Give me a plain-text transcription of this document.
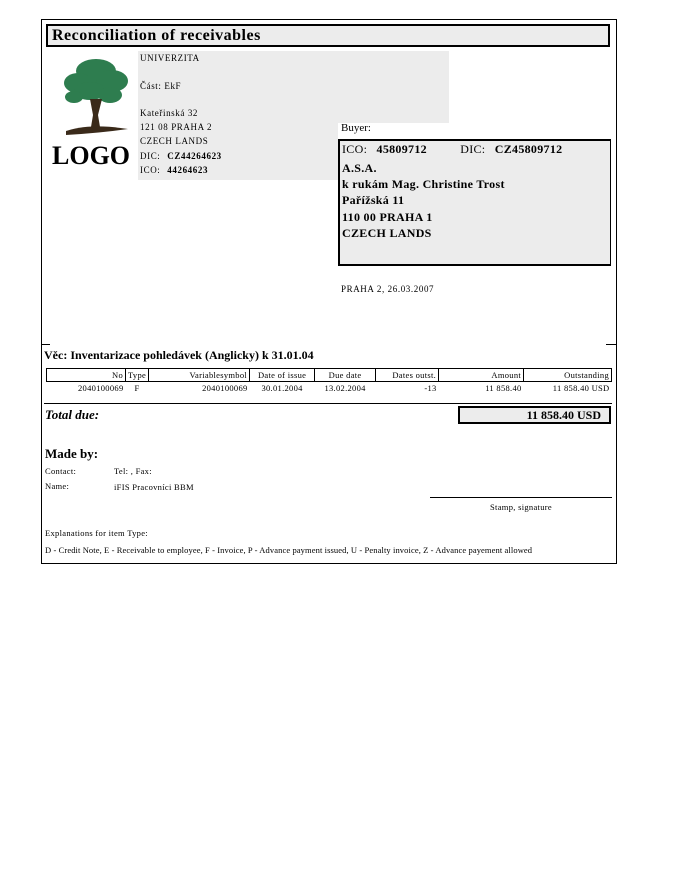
Reconciliation of receivables
LOGO
UNIVERZITA
Část: EkF
Kateřinská 32
121 08 PRAHA 2
CZECH LANDS
DIC: CZ44264623
ICO: 44264623
Buyer:
ICO: 45809712	DIC: CZ45809712
A.S.A.
k rukám Mag. Christine Trost
Pařížská 11
110 00 PRAHA 1
CZECH LANDS
PRAHA 2, 26.03.2007
Věc: Inventarizace pohledávek (Anglicky) k 31.01.04
No	Type	Variablesymbol	Date of issue	Due date	Dates outst.	Amount	Outstanding
2040100069	F	2040100069	30.01.2004	13.02.2004	-13	11 858.40	11 858.40 USD
Total due:	11 858.40 USD
Made by:
Contact:	Tel: , Fax:
Name:	iFIS Pracovníci BBM
Stamp, signature
Explanations for item Type:
D - Credit Note, E - Receivable to employee, F - Invoice, P - Advance payment issued, U - Penalty invoice, Z - Advance payement allowed
